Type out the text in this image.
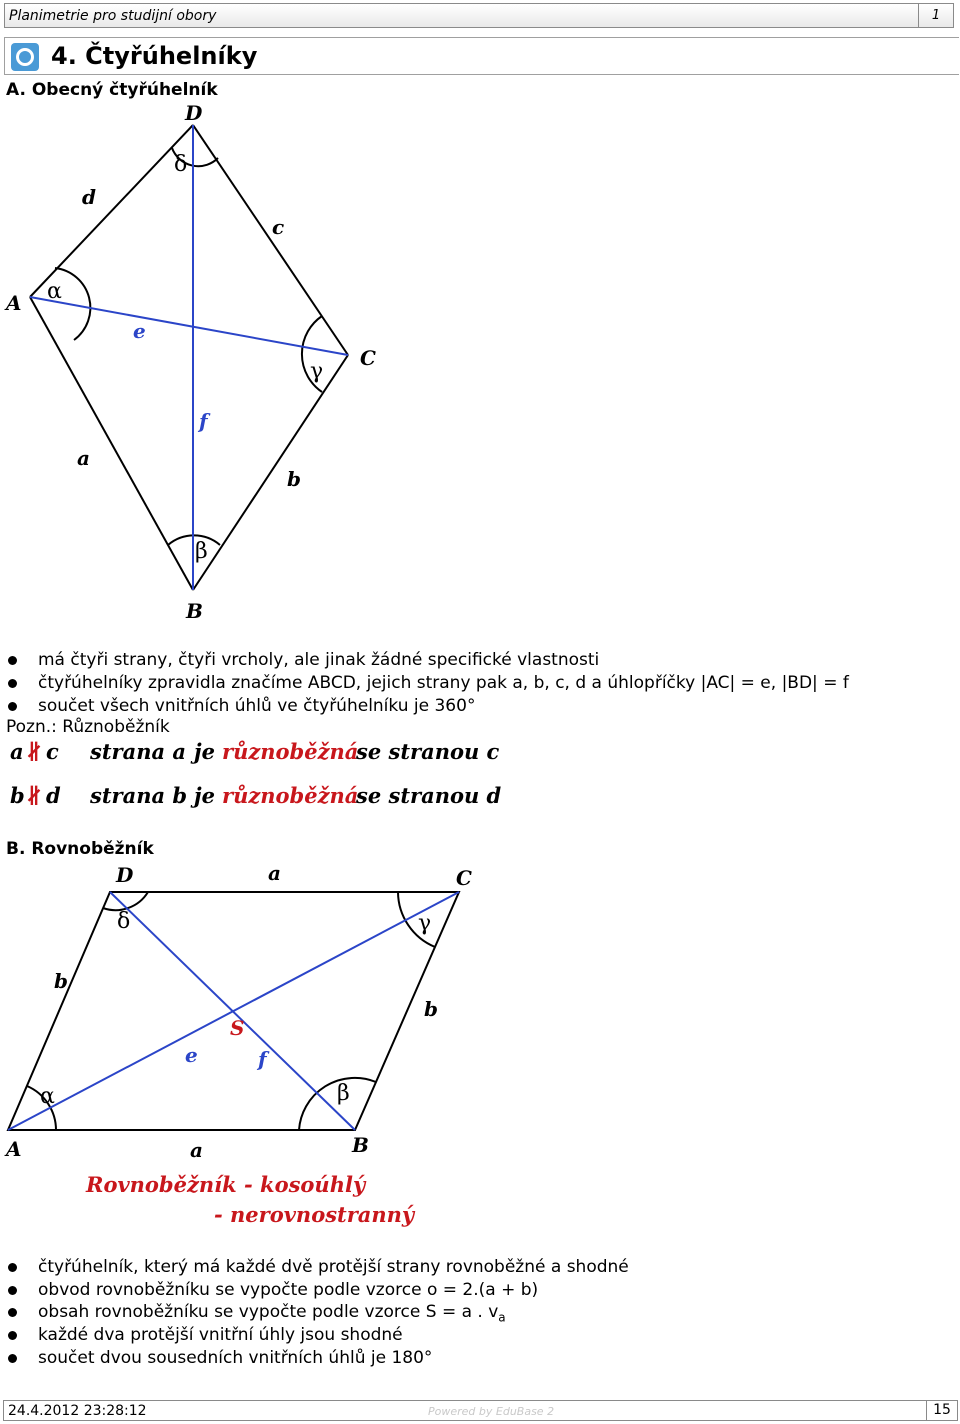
Planimetrie pro studijní obory	1
4. Čtyřúhelníky
A. Obecný čtyřúhelník
D
A
C
B
d
c
a
b
e
f
δ
α
γ
β
má čtyři strany, čtyři vrcholy, ale jinak žádné specifické vlastnosti
čtyřúhelníky zpravidla značíme ABCD, jejich strany pak a, b, c, d a úhlopříčky |AC| = e, |BD| = f
součet všech vnitřních úhlů ve čtyřúhelníku je 360°
Pozn.: Různoběžník
a ∦ c strana a je různoběžná
se stranou c
b ∦ d strana b je různoběžná
se stranou d
B. Rovnoběžník
D	C
A	B
a
a
b
b
S
e	f
δ	γ
α	β
Rovnoběžník - kosoúhlý
- nerovnostranný
čtyřúhelník, který má každé dvě protější strany rovnoběžné a shodné
obvod rovnoběžníku se vypočte podle vzorce o = 2.(a + b)
obsah rovnoběžníku se vypočte podle vzorce S = a . $v_a$
každé dva protější vnitřní úhly jsou shodné
součet dvou sousedních vnitřních úhlů je 180°
24.4.2012 23:28:12	Powered by EduBase 2	15
